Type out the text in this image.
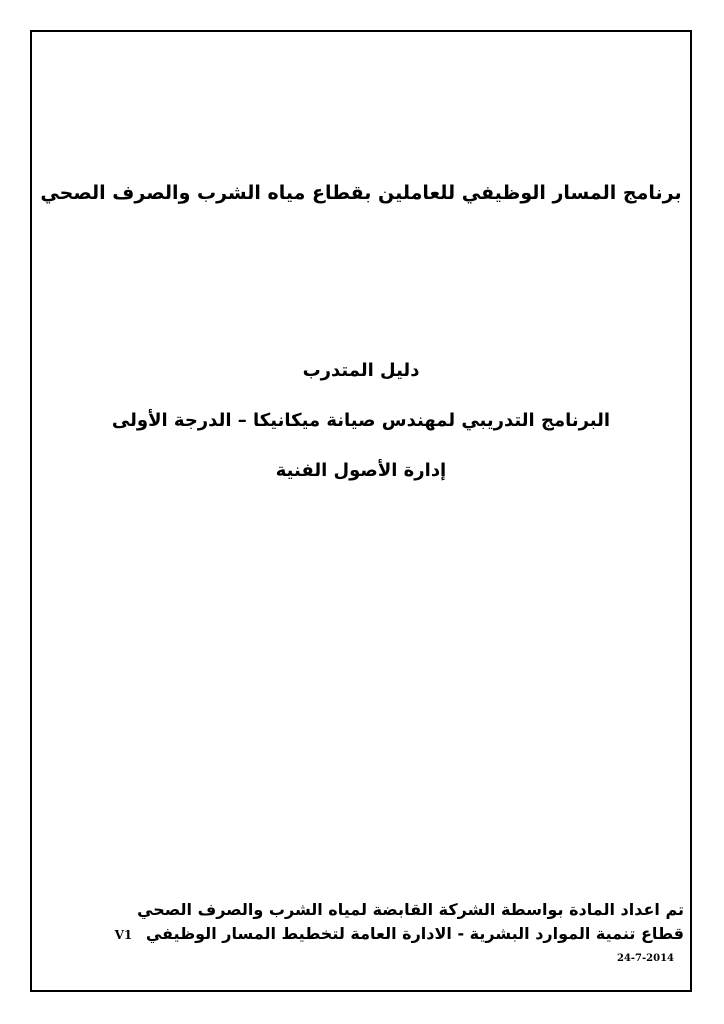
برنامج المسار الوظيفي للعاملين بقطاع مياه الشرب والصرف الصحي
دليل المتدرب
البرنامج التدريبي لمهندس صيانة ميكانيكا – الدرجة الأولى
إدارة الأصول الفنية
تم اعداد المادة بواسطة الشركة القابضة لمياه الشرب والصرف الصحي
قطاع تنمية الموارد البشرية - الادارة العامة لتخطيط المسار الوظيفي V1
24-7-2014
